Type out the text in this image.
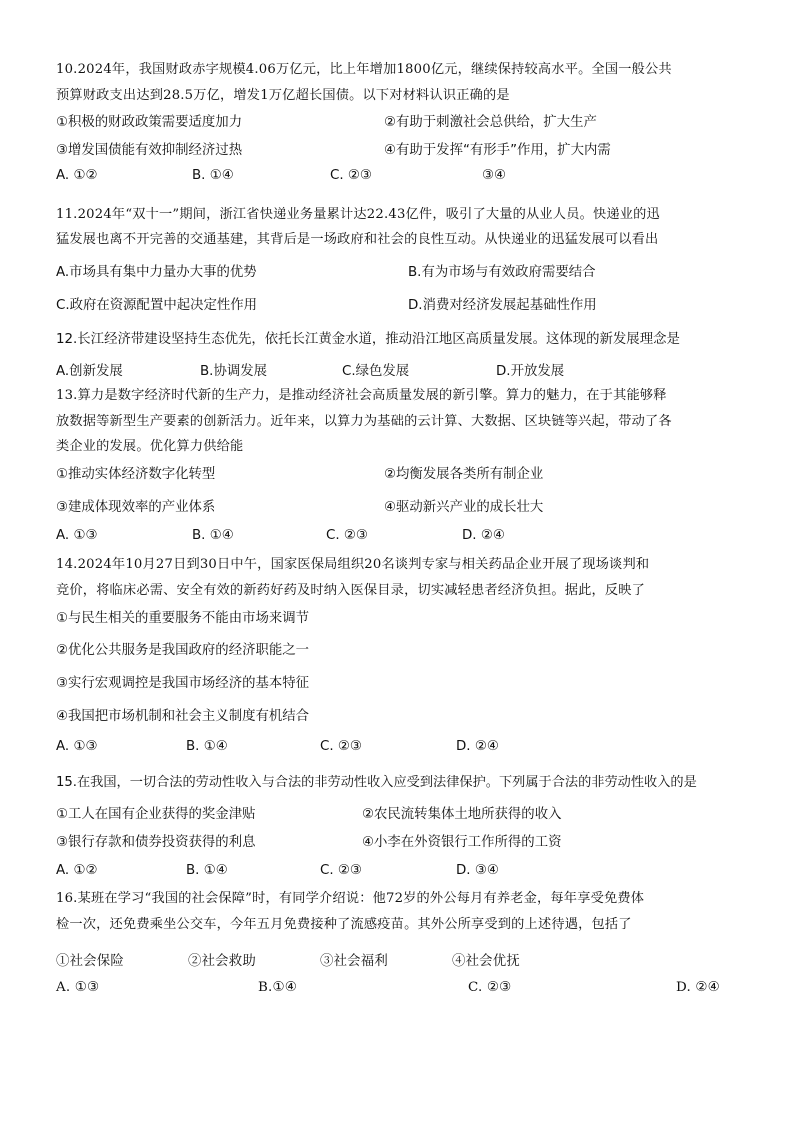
10.2024年，我国财政赤字规模4.06万亿元，比上年增加1800亿元，继续保持较高水平。全国一般公共
预算财政支出达到28.5万亿，增发1万亿超长国债。以下对材料认识正确的是
①积极的财政政策需要适度加力	②有助于刺激社会总供给，扩大生产
③增发国债能有效抑制经济过热	④有助于发挥“有形手”作用，扩大内需
A. ①②	B. ①④	C. ②③	③④
11.2024年“双十一”期间，浙江省快递业务量累计达22.43亿件，吸引了大量的从业人员。快递业的迅
猛发展也离不开完善的交通基建，其背后是一场政府和社会的良性互动。从快递业的迅猛发展可以看出
A.市场具有集中力量办大事的优势	B.有为市场与有效政府需要结合
C.政府在资源配置中起决定性作用	D.消费对经济发展起基础性作用
12.长江经济带建设坚持生态优先，依托长江黄金水道，推动沿江地区高质量发展。这体现的新发展理念是
A.创新发展	B.协调发展	C.绿色发展	D.开放发展
13.算力是数字经济时代新的生产力，是推动经济社会高质量发展的新引擎。算力的魅力，在于其能够释
放数据等新型生产要素的创新活力。近年来，以算力为基础的云计算、大数据、区块链等兴起，带动了各
类企业的发展。优化算力供给能
①推动实体经济数字化转型	②均衡发展各类所有制企业
③建成体现效率的产业体系	④驱动新兴产业的成长壮大
A. ①③	B. ①④	C. ②③	D. ②④
14.2024年10月27日到30日中午，国家医保局组织20名谈判专家与相关药品企业开展了现场谈判和
竞价，将临床必需、安全有效的新药好药及时纳入医保目录，切实减轻患者经济负担。据此，反映了
①与民生相关的重要服务不能由市场来调节
②优化公共服务是我国政府的经济职能之一
③实行宏观调控是我国市场经济的基本特征
④我国把市场机制和社会主义制度有机结合
A. ①③	B. ①④	C. ②③	D. ②④
15.在我国，一切合法的劳动性收入与合法的非劳动性收入应受到法律保护。下列属于合法的非劳动性收入的是
①工人在国有企业获得的奖金津贴	②农民流转集体土地所获得的收入
③银行存款和债券投资获得的利息	④小李在外资银行工作所得的工资
A. ①②	B. ①④	C. ②③	D. ③④
16.某班在学习“我国的社会保障”时，有同学介绍说：他72岁的外公每月有养老金，每年享受免费体
检一次，还免费乘坐公交车，今年五月免费接种了流感疫苗。其外公所享受到的上述待遇，包括了
①社会保险	②社会救助	③社会福利	④社会优抚
A. ①③	B.①④	C. ②③	D. ②④
